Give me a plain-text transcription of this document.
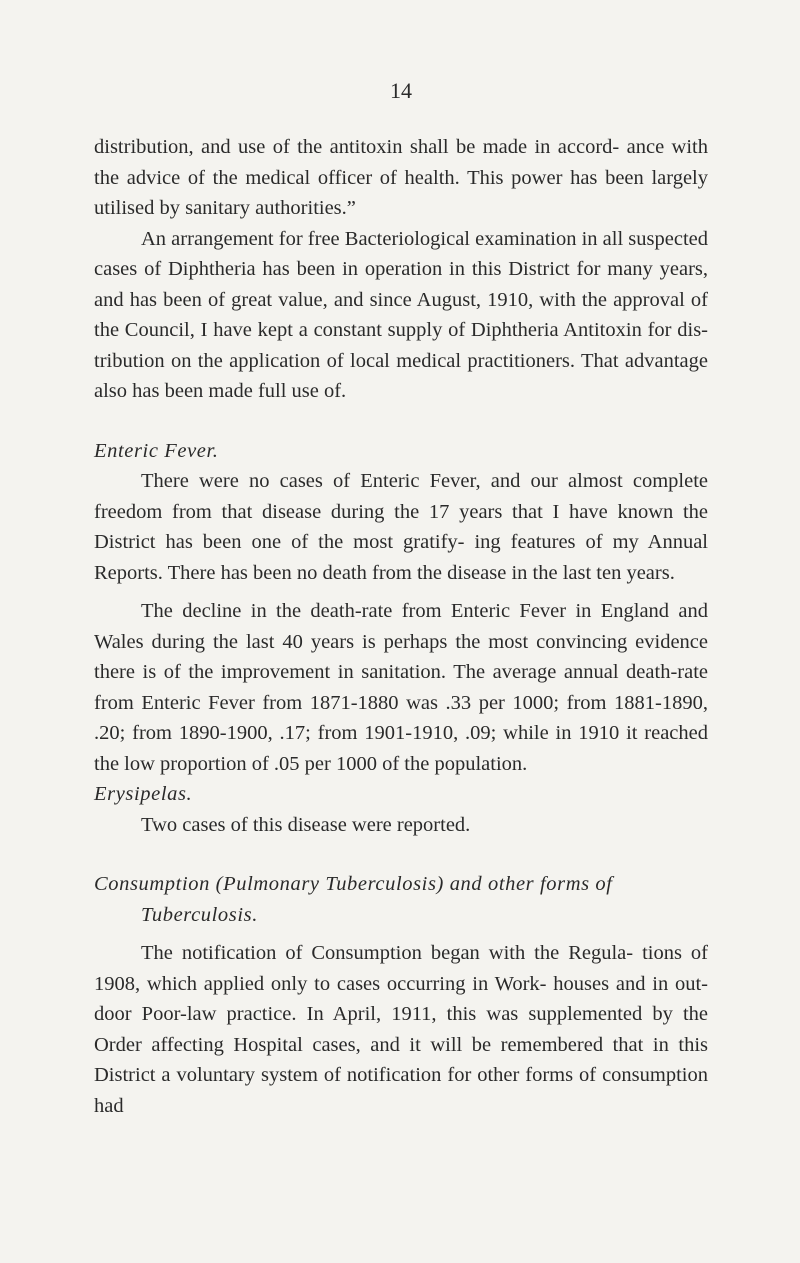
14

distribution, and use of the antitoxin shall be made in accord- ance with the advice of the medical officer of health. This power has been largely utilised by sanitary authorities.”

An arrangement for free Bacteriological examination in all suspected cases of Diphtheria has been in operation in this District for many years, and has been of great value, and since August, 1910, with the approval of the Council, I have kept a constant supply of Diphtheria Antitoxin for dis- tribution on the application of local medical practitioners. That advantage also has been made full use of.

Enteric Fever.

There were no cases of Enteric Fever, and our almost complete freedom from that disease during the 17 years that I have known the District has been one of the most gratify- ing features of my Annual Reports. There has been no death from the disease in the last ten years.

The decline in the death-rate from Enteric Fever in England and Wales during the last 40 years is perhaps the most convincing evidence there is of the improvement in sanitation. The average annual death-rate from Enteric Fever from 1871-1880 was .33 per 1000; from 1881-1890, .20; from 1890-1900, .17; from 1901-1910, .09; while in 1910 it reached the low proportion of .05 per 1000 of the population.

Erysipelas.

Two cases of this disease were reported.

Consumption (Pulmonary Tuberculosis) and other forms of
Tuberculosis.

The notification of Consumption began with the Regula- tions of 1908, which applied only to cases occurring in Work- houses and in out-door Poor-law practice. In April, 1911, this was supplemented by the Order affecting Hospital cases, and it will be remembered that in this District a voluntary system of notification for other forms of consumption had
